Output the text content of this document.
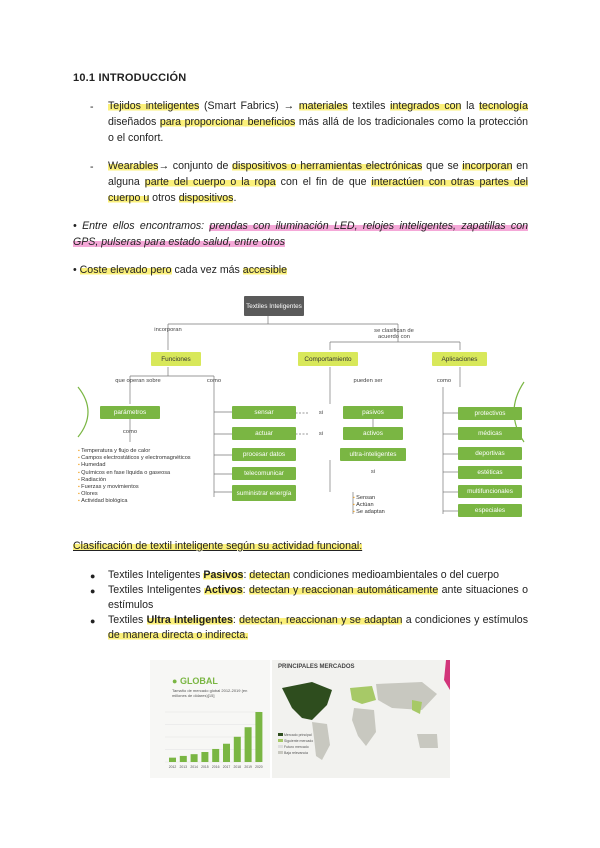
10.1 INTRODUCCIÓN
- Tejidos inteligentes (Smart Fabrics) → materiales textiles integrados con la tecnología diseñados para proporcionar beneficios más allá de los tradicionales como la protección o el confort.
- Wearables→ conjunto de dispositivos o herramientas electrónicas que se incorporan en alguna parte del cuerpo o la ropa con el fin de que interactúen con otras partes del cuerpo u otros dispositivos.
• Entre ellos encontramos: prendas con iluminación LED, relojes inteligentes, zapatillas con GPS, pulseras para estado salud, entre otros
• Coste elevado pero cada vez más accesible
Textiles Inteligentes
incorporan	se clasifican de acuerdo con
Funciones	Comportamiento	Aplicaciones
que operan sobre	como	pueden ser	como
parámetros
como
▪ Temperatura y flujo de calor
▪ Campos electrostáticos y electromagnéticos
▪ Humedad
▪ Químicos en fase líquida o gaseosa
▪ Radiación
▪ Fuerzas y movimientos
▪ Olores
▪ Actividad biológica
sensar
actuar
procesar datos
telecomunicar
suministrar energía
si
si
pasivos
activos
ultra-inteligentes
si
▪ Sensan
▪ Actúan
▪ Se adaptan
protectivos
médicas
deportivas
estéticas
multifuncionales
especiales
Clasificación de textil inteligente según su actividad funcional:
● Textiles Inteligentes Pasivos: detectan condiciones medioambientales o del cuerpo
● Textiles Inteligentes Activos: detectan y reaccionan automáticamente ante situaciones o estímulos
● Textiles Ultra Inteligentes: detectan, reaccionan y se adaptan a condiciones y estímulos de manera directa o indirecta.
● GLOBAL
Tamaño de mercado global 2012-2019 (en millones de dólares)[15]
2012 2013 2014 2015 2016 2017 2018 2019 2020
PRINCIPALES MERCADOS
Mercado principal
Siguiente mercado
Futuro mercado
Baja relevancia
